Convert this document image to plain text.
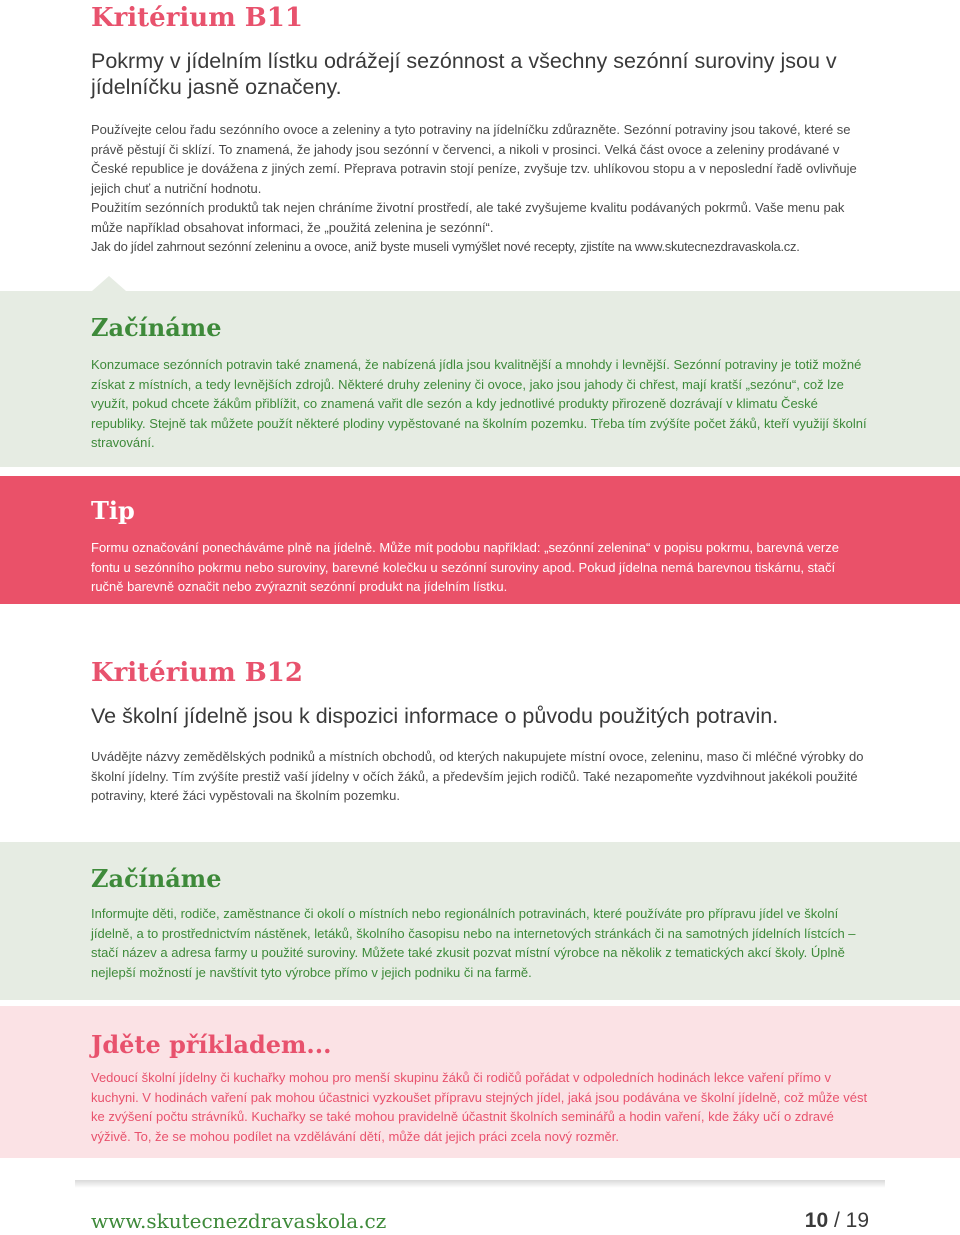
Kritérium B11

Pokrmy v jídelním lístku odrážejí sezónnost a všechny sezónní suroviny jsou v jídelníčku jasně označeny.

Používejte celou řadu sezónního ovoce a zeleniny a tyto potraviny na jídelníčku zdůrazněte. Sezónní potraviny jsou takové, které se právě pěstují či sklízí. To znamená, že jahody jsou sezónní v červenci, a nikoli v prosinci. Velká část ovoce a zeleniny prodávané v České republice je dovážena z jiných zemí. Přeprava potravin stojí peníze, zvyšuje tzv. uhlíkovou stopu a v neposlední řadě ovlivňuje jejich chuť a nutriční hodnotu.

Použitím sezónních produktů tak nejen chráníme životní prostředí, ale také zvyšujeme kvalitu podávaných pokrmů. Vaše menu pak může například obsahovat informaci, že „použitá zelenina je sezónní“.

Jak do jídel zahrnout sezónní zeleninu a ovoce, aniž byste museli vymýšlet nové recepty, zjistíte na www.skutecnezdravaskola.cz.

Začínáme

Konzumace sezónních potravin také znamená, že nabízená jídla jsou kvalitnější a mnohdy i levnější. Sezónní potraviny je totiž možné získat z místních, a tedy levnějších zdrojů. Některé druhy zeleniny či ovoce, jako jsou jahody či chřest, mají kratší „sezónu“, což lze využít, pokud chcete žákům přiblížit, co znamená vařit dle sezón a kdy jednotlivé produkty přirozeně dozrávají v klimatu České republiky. Stejně tak můžete použít některé plodiny vypěstované na školním pozemku. Třeba tím zvýšíte počet žáků, kteří využijí školní stravování.

Tip

Formu označování ponecháváme plně na jídelně. Může mít podobu například: „sezónní zelenina“ v popisu pokrmu, barevná verze fontu u sezónního pokrmu nebo suroviny, barevné kolečku u sezónní suroviny apod. Pokud jídelna nemá barevnou tiskárnu, stačí ručně barevně označit nebo zvýraznit sezónní produkt na jídelním lístku.

Kritérium B12

Ve školní jídelně jsou k dispozici informace o původu použitých potravin.

Uvádějte názvy zemědělských podniků a místních obchodů, od kterých nakupujete místní ovoce, zeleninu, maso či mléčné výrobky do školní jídelny. Tím zvýšíte prestiž vaší jídelny v očích žáků, a především jejich rodičů. Také nezapomeňte vyzdvihnout jakékoli použité potraviny, které žáci vypěstovali na školním pozemku.

Začínáme

Informujte děti, rodiče, zaměstnance či okolí o místních nebo regionálních potravinách, které používáte pro přípravu jídel ve školní jídelně, a to prostřednictvím nástěnek, letáků, školního časopisu nebo na internetových stránkách či na samotných jídelních lístcích – stačí název a adresa farmy u použité suroviny. Můžete také zkusit pozvat místní výrobce na několik z tematických akcí školy. Úplně nejlepší možností je navštívit tyto výrobce přímo v jejich podniku či na farmě.

Jděte příkladem...

Vedoucí školní jídelny či kuchařky mohou pro menší skupinu žáků či rodičů pořádat v odpoledních hodinách lekce vaření přímo v kuchyni. V hodinách vaření pak mohou účastnici vyzkoušet přípravu stejných jídel, jaká jsou podávána ve školní jídelně, což může vést ke zvýšení počtu strávníků. Kuchařky se také mohou pravidelně účastnit školních seminářů a hodin vaření, kde žáky učí o zdravé výživě. To, že se mohou podílet na vzdělávání dětí, může dát jejich práci zcela nový rozměr.

www.skutecnezdravaskola.cz	10 / 19
